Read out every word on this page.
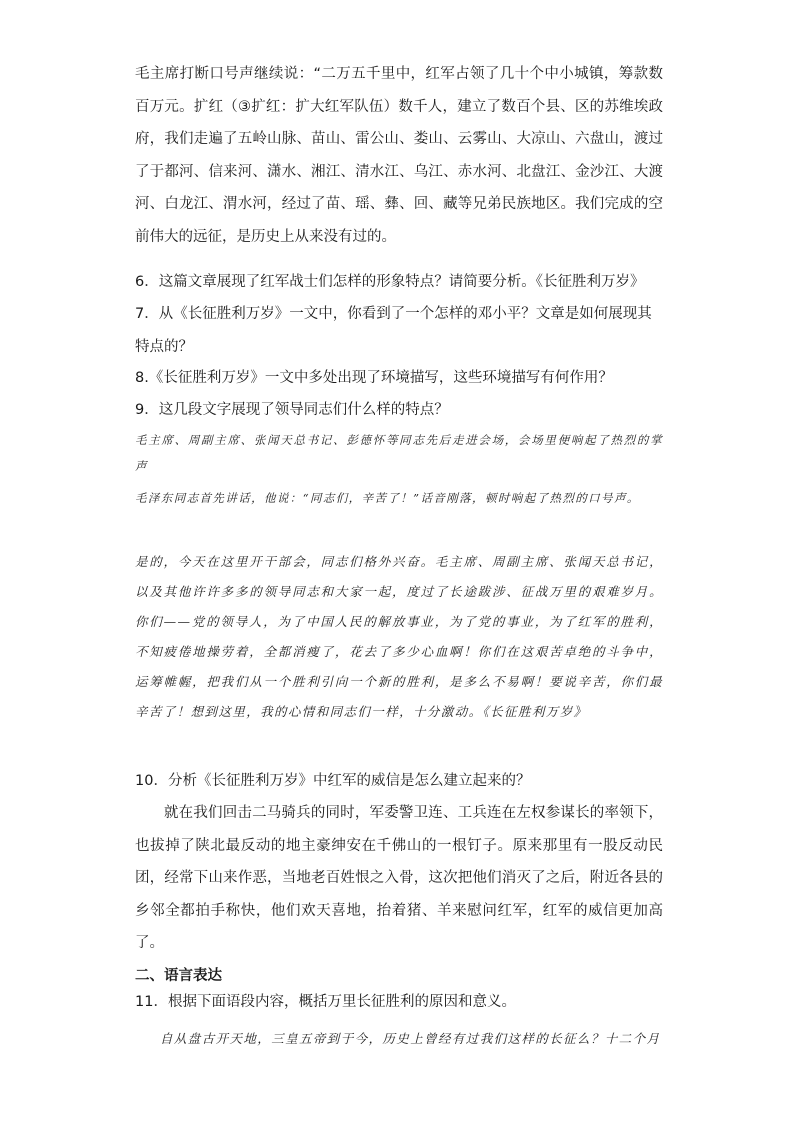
毛主席打断口号声继续说：“二万五千里中，红军占领了几十个中小城镇，筹款数百万元。扩红（③扩红：扩大红军队伍）数千人，建立了数百个县、区的苏维埃政府，我们走遍了五岭山脉、苗山、雷公山、娄山、云雾山、大凉山、六盘山，渡过了于都河、信来河、潇水、湘江、清水江、乌江、赤水河、北盘江、金沙江、大渡河、白龙江、渭水河，经过了苗、瑶、彝、回、藏等兄弟民族地区。我们完成的空前伟大的远征，是历史上从来没有过的。

6．这篇文章展现了红军战士们怎样的形象特点？请简要分析。《长征胜利万岁》

7．从《长征胜利万岁》一文中，你看到了一个怎样的邓小平？文章是如何展现其特点的？

8.《长征胜利万岁》一文中多处出现了环境描写，这些环境描写有何作用？

9．这几段文字展现了领导同志们什么样的特点？

毛主席、周副主席、张闻天总书记、彭德怀等同志先后走进会场，会场里便响起了热烈的掌声

毛泽东同志首先讲话，他说：“同志们，辛苦了！”话音刚落，顿时响起了热烈的口号声。

是的，今天在这里开干部会，同志们格外兴奋。毛主席、周副主席、张闻天总书记，以及其他许许多多的领导同志和大家一起，度过了长途跋涉、征战万里的艰难岁月。你们——党的领导人，为了中国人民的解放事业，为了党的事业，为了红军的胜利，不知疲倦地操劳着，全都消瘦了，花去了多少心血啊！你们在这艰苦卓绝的斗争中，运筹帷幄，把我们从一个胜利引向一个新的胜利，是多么不易啊！要说辛苦，你们最辛苦了！想到这里，我的心情和同志们一样，十分激动。《长征胜利万岁》

10．分析《长征胜利万岁》中红军的威信是怎么建立起来的？

就在我们回击二马骑兵的同时，军委警卫连、工兵连在左权参谋长的率领下，也拔掉了陕北最反动的地主豪绅安在千佛山的一根钉子。原来那里有一股反动民团，经常下山来作恶，当地老百姓恨之入骨，这次把他们消灭了之后，附近各县的乡邻全都拍手称快，他们欢天喜地，抬着猪、羊来慰问红军，红军的威信更加高了。

二、语言表达

11．根据下面语段内容，概括万里长征胜利的原因和意义。

自从盘古开天地，三皇五帝到于今，历史上曾经有过我们这样的长征么？十二个月
